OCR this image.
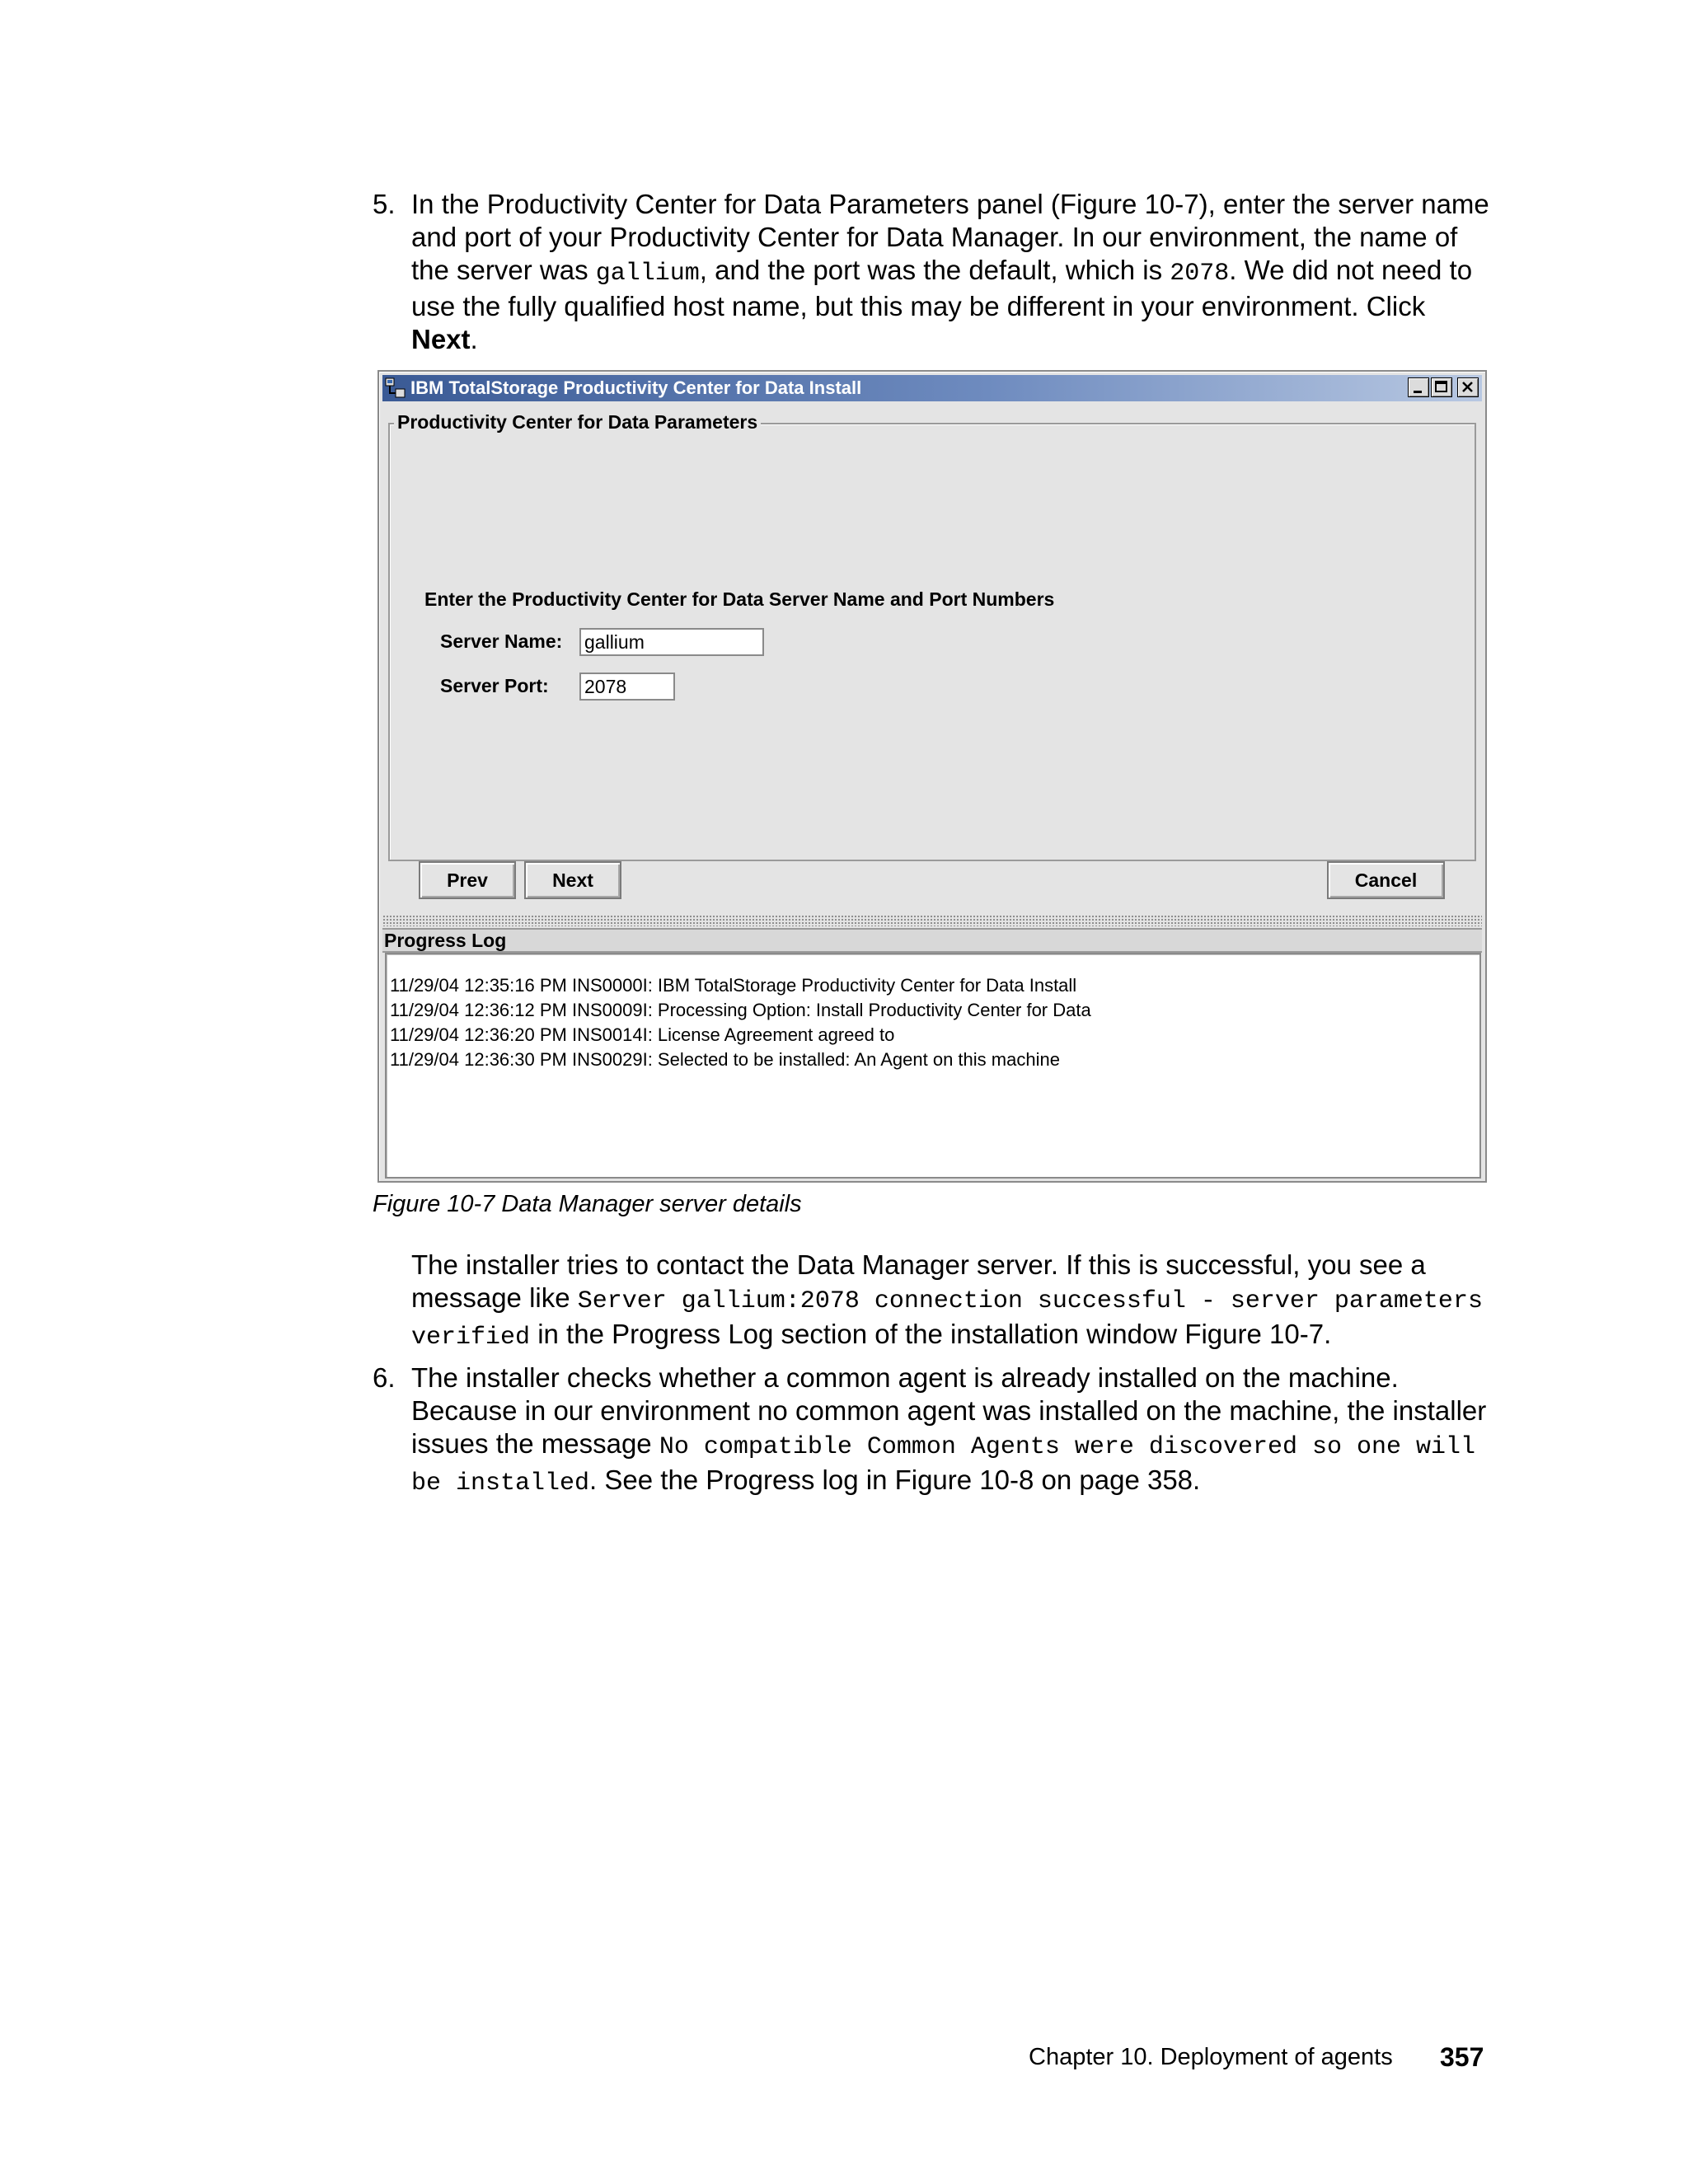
5. In the Productivity Center for Data Parameters panel (Figure 10-7), enter the server name and port of your Productivity Center for Data Manager. In our environment, the name of the server was gallium, and the port was the default, which is 2078. We did not need to use the fully qualified host name, but this may be different in your environment. Click Next.
IBM TotalStorage Productivity Center for Data Install
Productivity Center for Data Parameters
Enter the Productivity Center for Data Server Name and Port Numbers
Server Name: gallium
Server Port: 2078
Prev	Next	Cancel
Progress Log
11/29/04 12:35:16 PM INS0000I: IBM TotalStorage Productivity Center for Data Install
11/29/04 12:36:12 PM INS0009I: Processing Option: Install Productivity Center for Data
11/29/04 12:36:20 PM INS0014I: License Agreement agreed to
11/29/04 12:36:30 PM INS0029I: Selected to be installed: An Agent on this machine
Figure 10-7 Data Manager server details
The installer tries to contact the Data Manager server. If this is successful, you see a message like Server gallium:2078 connection successful - server parameters verified in the Progress Log section of the installation window Figure 10-7.
6. The installer checks whether a common agent is already installed on the machine. Because in our environment no common agent was installed on the machine, the installer issues the message No compatible Common Agents were discovered so one will be installed. See the Progress log in Figure 10-8 on page 358.
Chapter 10. Deployment of agents 357
